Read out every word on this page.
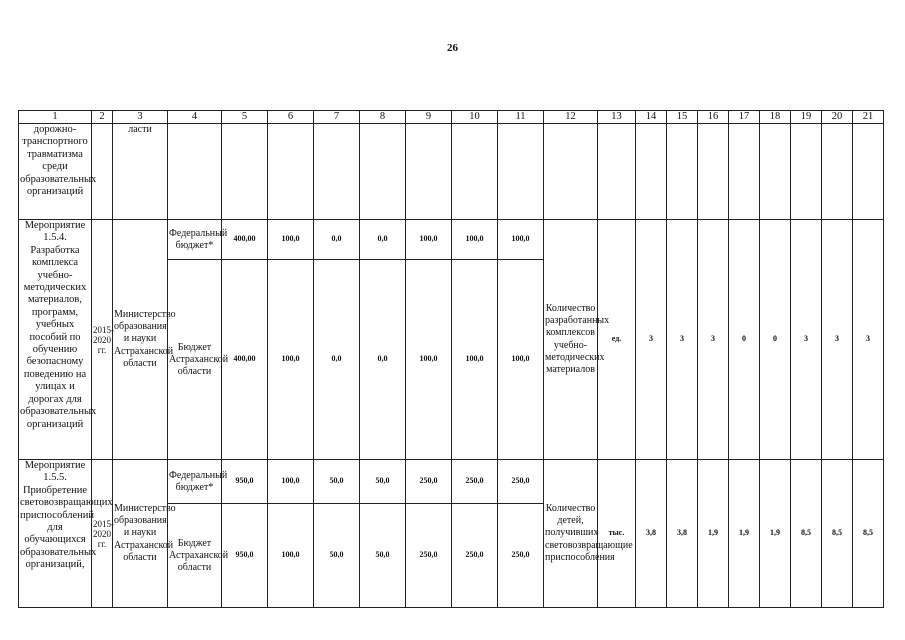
26
1	2	3	4	5	6	7	8	9	10	11	12	13	14	15	16	17	18	19	20	21
дорожно-транспортного травматизма среди образовательных организаций		ласти																		
Мероприятие 1.5.4. Разработка комплекса учебно-методических материалов, программ, учебных пособий по обучению безопасному поведению на улицах и дорогах для образовательных организаций	2015-2020 гг.	Министерство образования и науки Астраханской области	Федеральный бюджет*	400,00	100,0	0,0	0,0	100,0	100,0	100,0	Количество разработанных комплексов учебно-методических материалов	ед.	3	3	3	0	0	3	3	3
			Бюджет Астраханской области	400,00	100,0	0,0	0,0	100,0	100,0	100,0										
Мероприятие 1.5.5. Приобретение световозвращающих приспособлений для обучающихся образовательных организаций,	2015-2020 гг.	Министерство образования и науки Астраханской области	Федеральный бюджет*	950,0	100,0	50,0	50,0	250,0	250,0	250,0	Количество детей, получивших световозвращающие приспособления	тыс.	3,8	3,8	1,9	1,9	1,9	8,5	8,5	8,5
			Бюджет Астраханской области	950,0	100,0	50,0	50,0	250,0	250,0	250,0										
